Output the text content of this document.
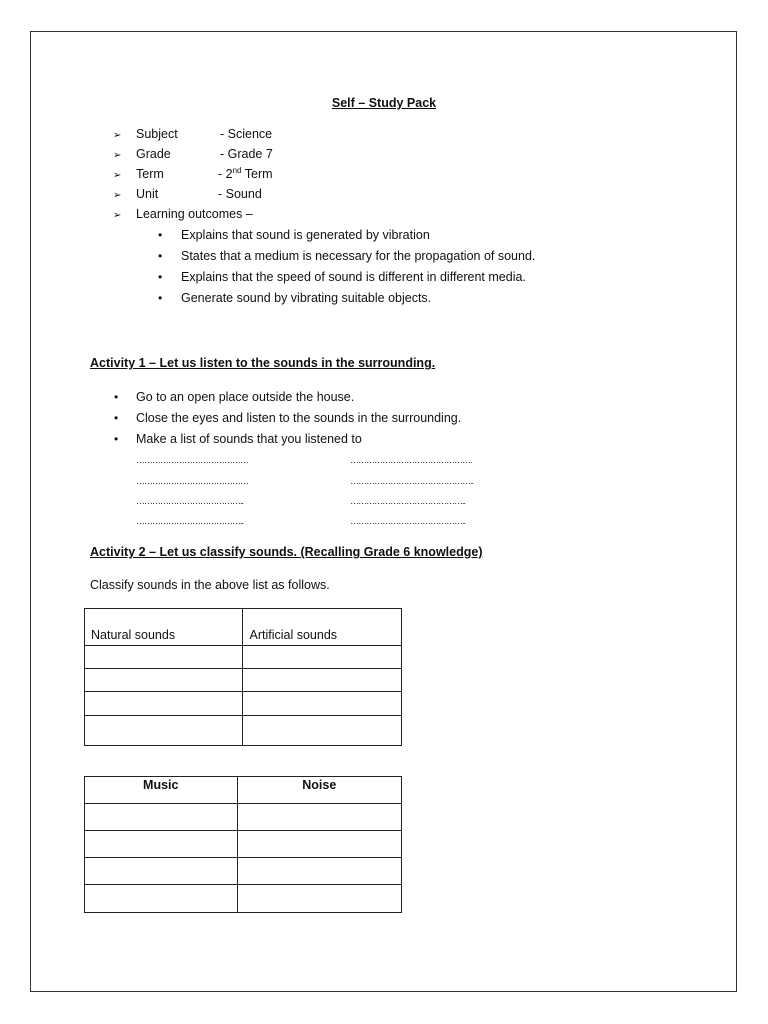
Self – Study Pack
➢ Subject	- Science
➢ Grade	- Grade 7
➢ Term	- 2nd Term
➢ Unit	- Sound
➢ Learning outcomes –
• Explains that sound is generated by vibration
• States that a medium is necessary for the propagation of sound.
• Explains that the speed of sound is different in different media.
• Generate sound by vibrating suitable objects.
Activity 1 – Let us listen to the sounds in the surrounding.
• Go to an open place outside the house.
• Close the eyes and listen to the sounds in the surrounding.
• Make a list of sounds that you listened to
……………………………………
……………………………………
…………………………………..
…………………………………..
……………………………………….
………………………………………..
……………………………………..
……………………………………..
Activity 2 – Let us classify sounds. (Recalling Grade 6 knowledge)
Classify sounds in the above list as follows.
Natural sounds	Artificial sounds

Music	Noise
